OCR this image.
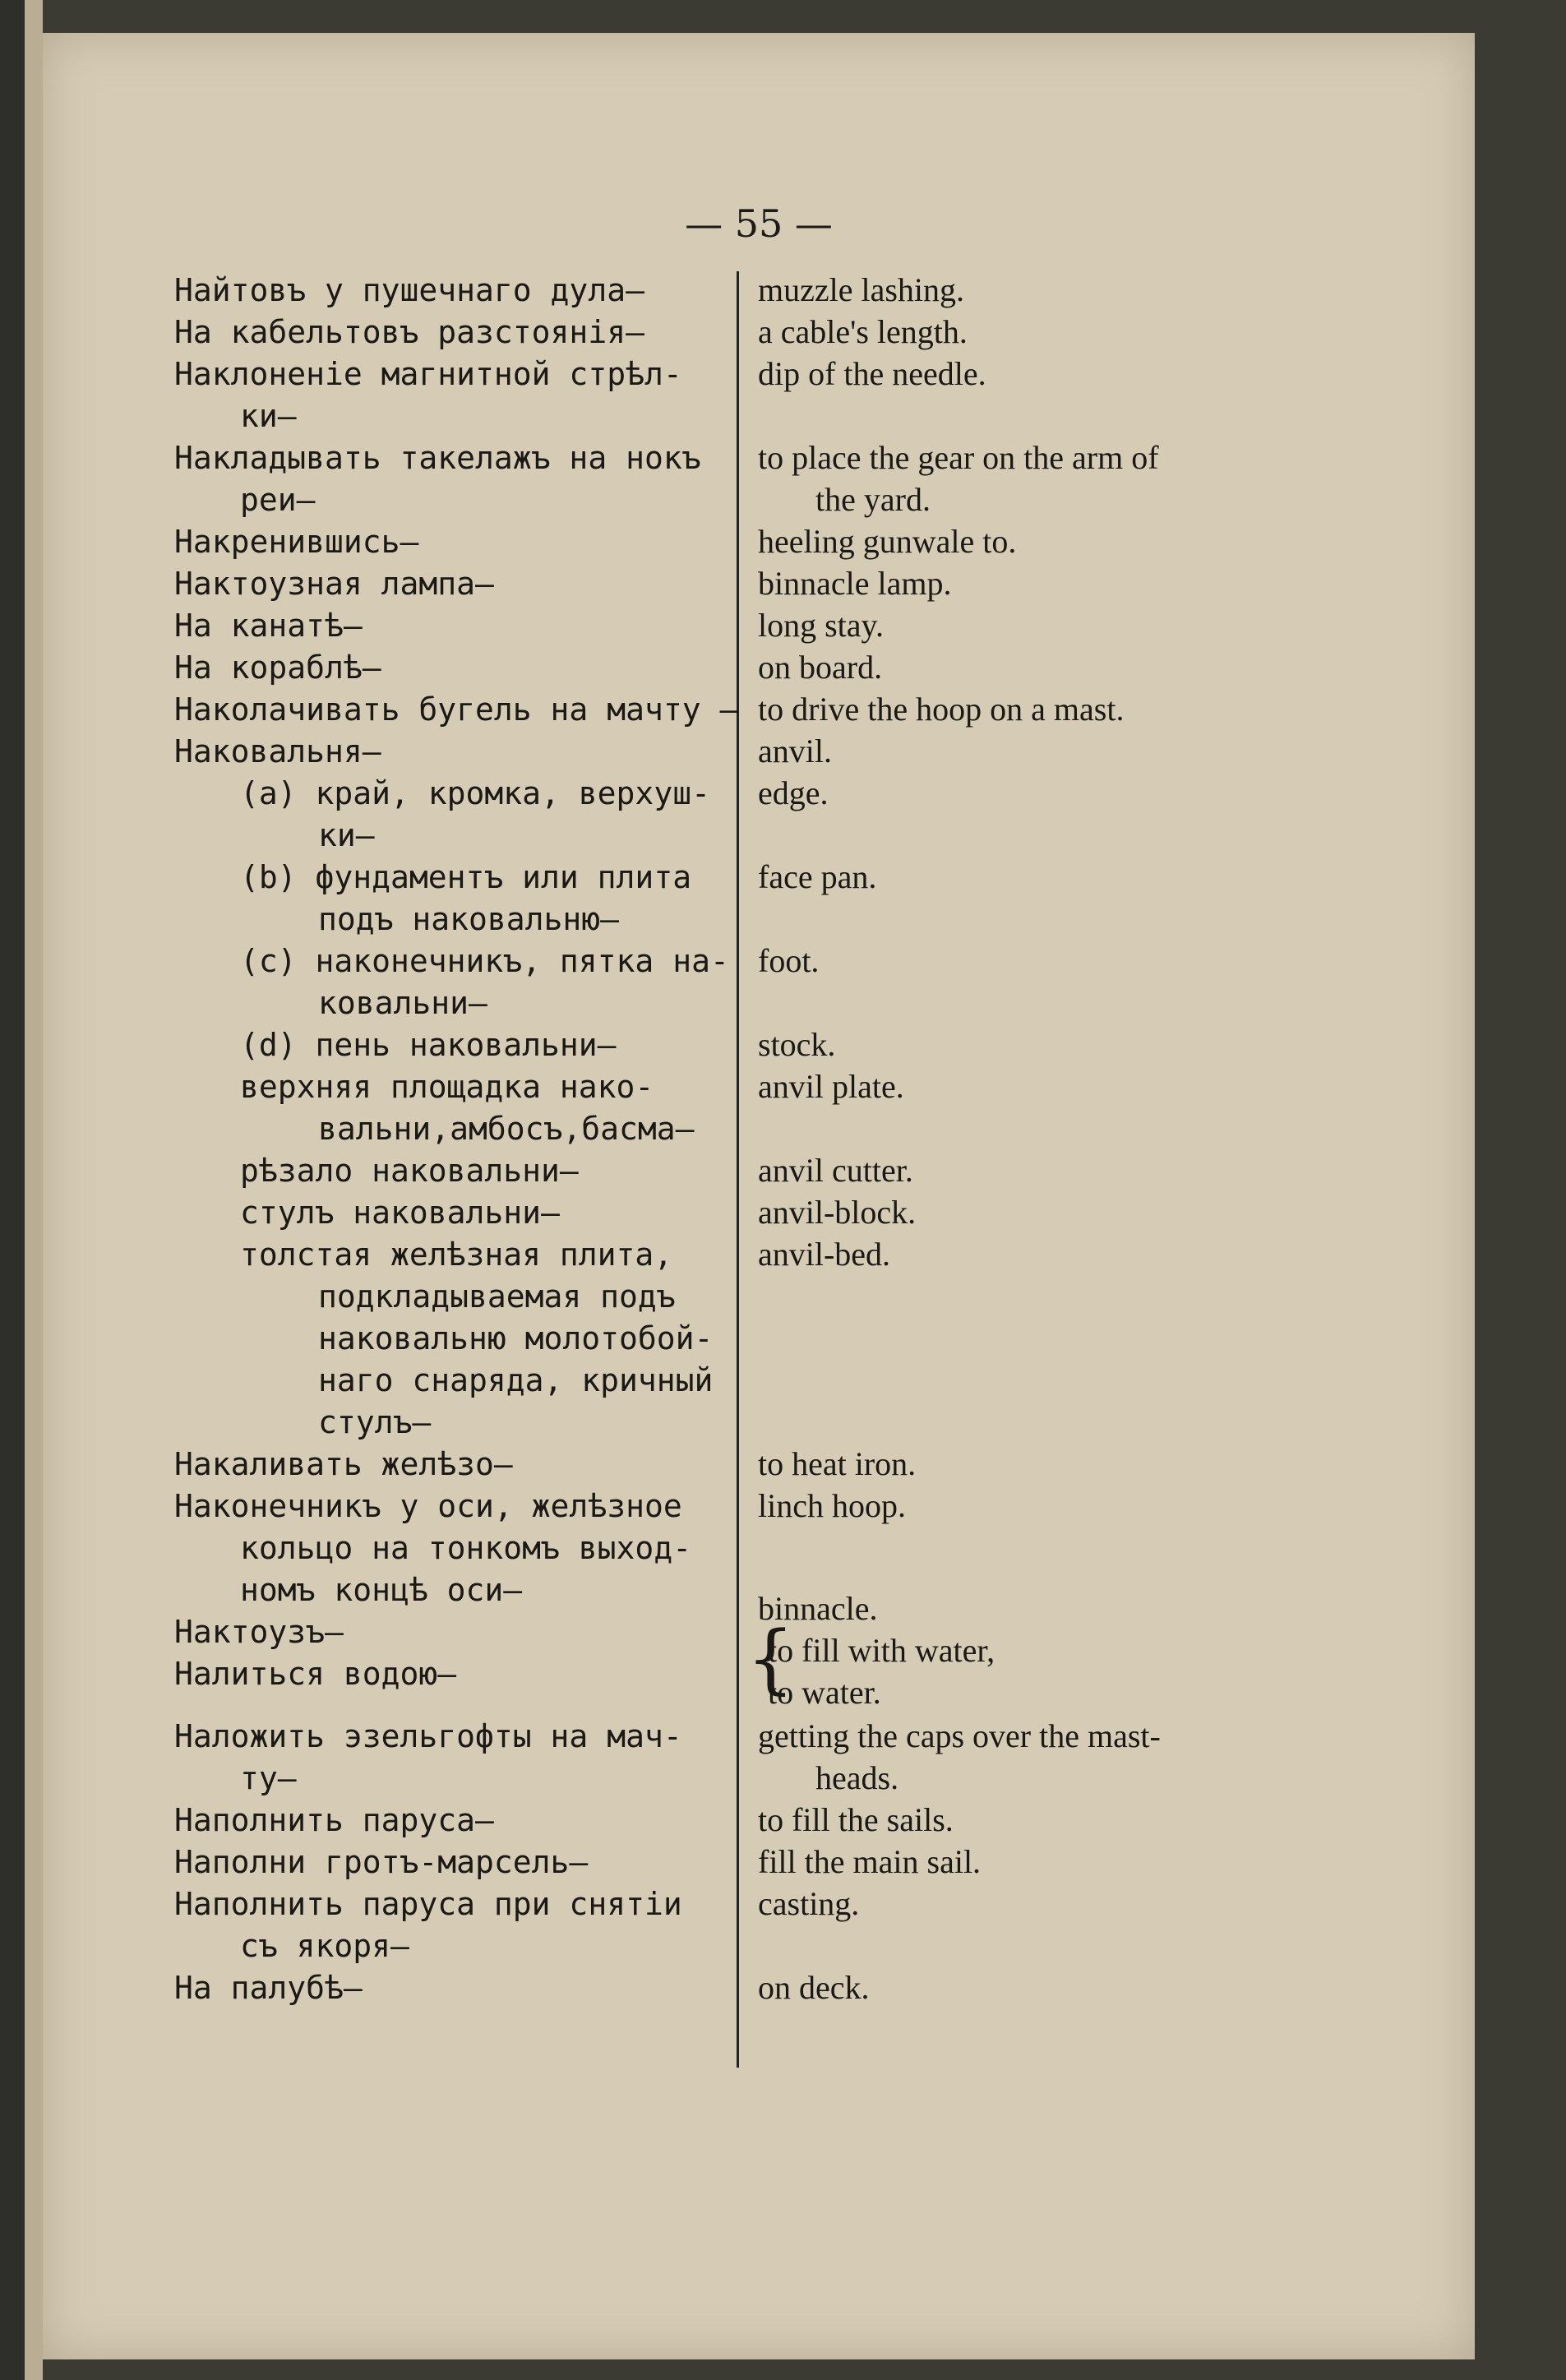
— 55 —
Найтовъ у пушечнаго дула—
На кабельтовъ разстоянія—
Наклоненіе магнитной стрѣл-
ки—
Накладывать такелажъ на нокъ
реи—
Накренившись—
Нактоузная лампа—
На канатѣ—
На кораблѣ—
Наколачивать бугель на мачту —
Наковальня—
(a) край, кромка, верхуш-
ки—
(b) фундаментъ или плита
подъ наковальню—
(c) наконечникъ, пятка на-
ковальни—
(d) пень наковальни—
верхняя площадка нако-
вальни,амбосъ,басма—
рѣзало наковальни—
стулъ наковальни—
толстая желѣзная плита,
подкладываемая подъ
наковальню молотобой-
наго снаряда, кричный
стулъ—
Накаливать желѣзо—
Наконечникъ у оси, желѣзное
кольцо на тонкомъ выход-
номъ концѣ оси—
Нактоузъ—
Налиться водою—
Наложить эзельгофты на мач-
ту—
Наполнить паруса—
Наполни гротъ-марсель—
Наполнить паруса при снятіи
съ якоря—
На палубѣ—
muzzle lashing.
a cable's length.
dip of the needle.
to place the gear on the arm of
the yard.
heeling gunwale to.
binnacle lamp.
long stay.
on board.
to drive the hoop on a mast.
anvil.
edge.
face pan.
foot.
stock.
anvil plate.
anvil cutter.
anvil-block.
anvil-bed.
to heat iron.
linch hoop.
binnacle.
{
to fill with water,
to water.
getting the caps over the mast-
heads.
to fill the sails.
fill the main sail.
casting.
on deck.
